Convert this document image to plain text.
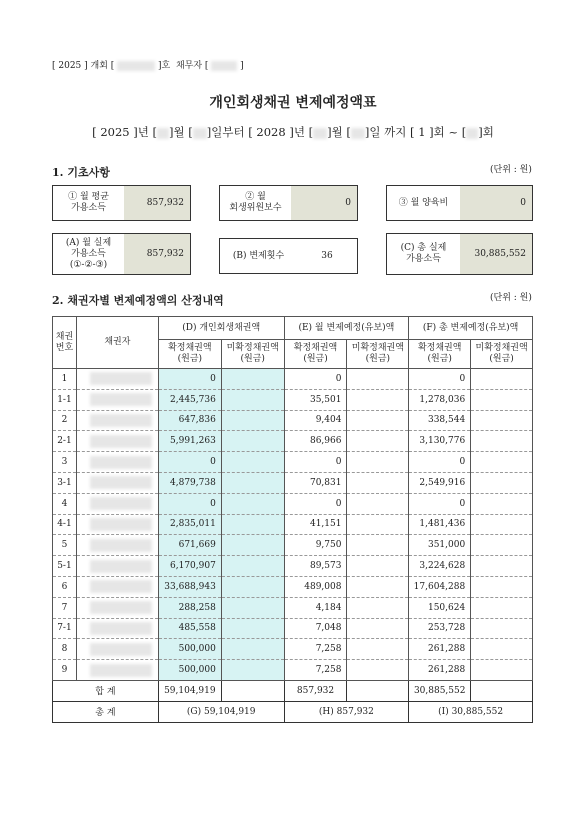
[ 2025 ] 개회 [	]호 채무자 [	]
개인회생채권 변제예정액표
[ 2025 ]년 [ ]월 [ ]일부터 [ 2028 ]년 [ ]월 [ ]일 까지 [ 1 ]회 ~ [ ]회
1. 기초사항	(단위 : 원)
① 월 평균
가용소득	857,932
② 월
회생위원보수	0	③ 월 양육비	0
(A) 월 실제
가용소득
(①-②-③)
857,932	(B) 변제횟수	36
(C) 총 실제
가용소득	30,885,552
2. 채권자별 변제예정액의 산정내역	(단위 : 원)
채권
번호	채권자	(D) 개인회생채권액		(E) 월 변제예정(유보)액		(F) 총 변제예정(유보)액	
		확정채권액
(원금)	미확정채권액
(원금)	확정채권액
(원금)	미확정채권액
(원금)	확정채권액
(원금)	미확정채권액
(원금)
1		0		0		0	
1-1		2,445,736		35,501		1,278,036	
2		647,836		9,404		338,544	
2-1		5,991,263		86,966		3,130,776	
3		0		0		0	
3-1		4,879,738		70,831		2,549,916	
4		0		0		0	
4-1		2,835,011		41,151		1,481,436	
5		671,669		9,750		351,000	
5-1		6,170,907		89,573		3,224,628	
6		33,688,943		489,008		17,604,288	
7		288,258		4,184		150,624	
7-1		485,558		7,048		253,728	
8		500,000		7,258		261,288	
9		500,000		7,258		261,288	
합 계		59,104,919		857,932		30,885,552	
총 계		(G) 59,104,919		(H) 857,932		(I) 30,885,552	
